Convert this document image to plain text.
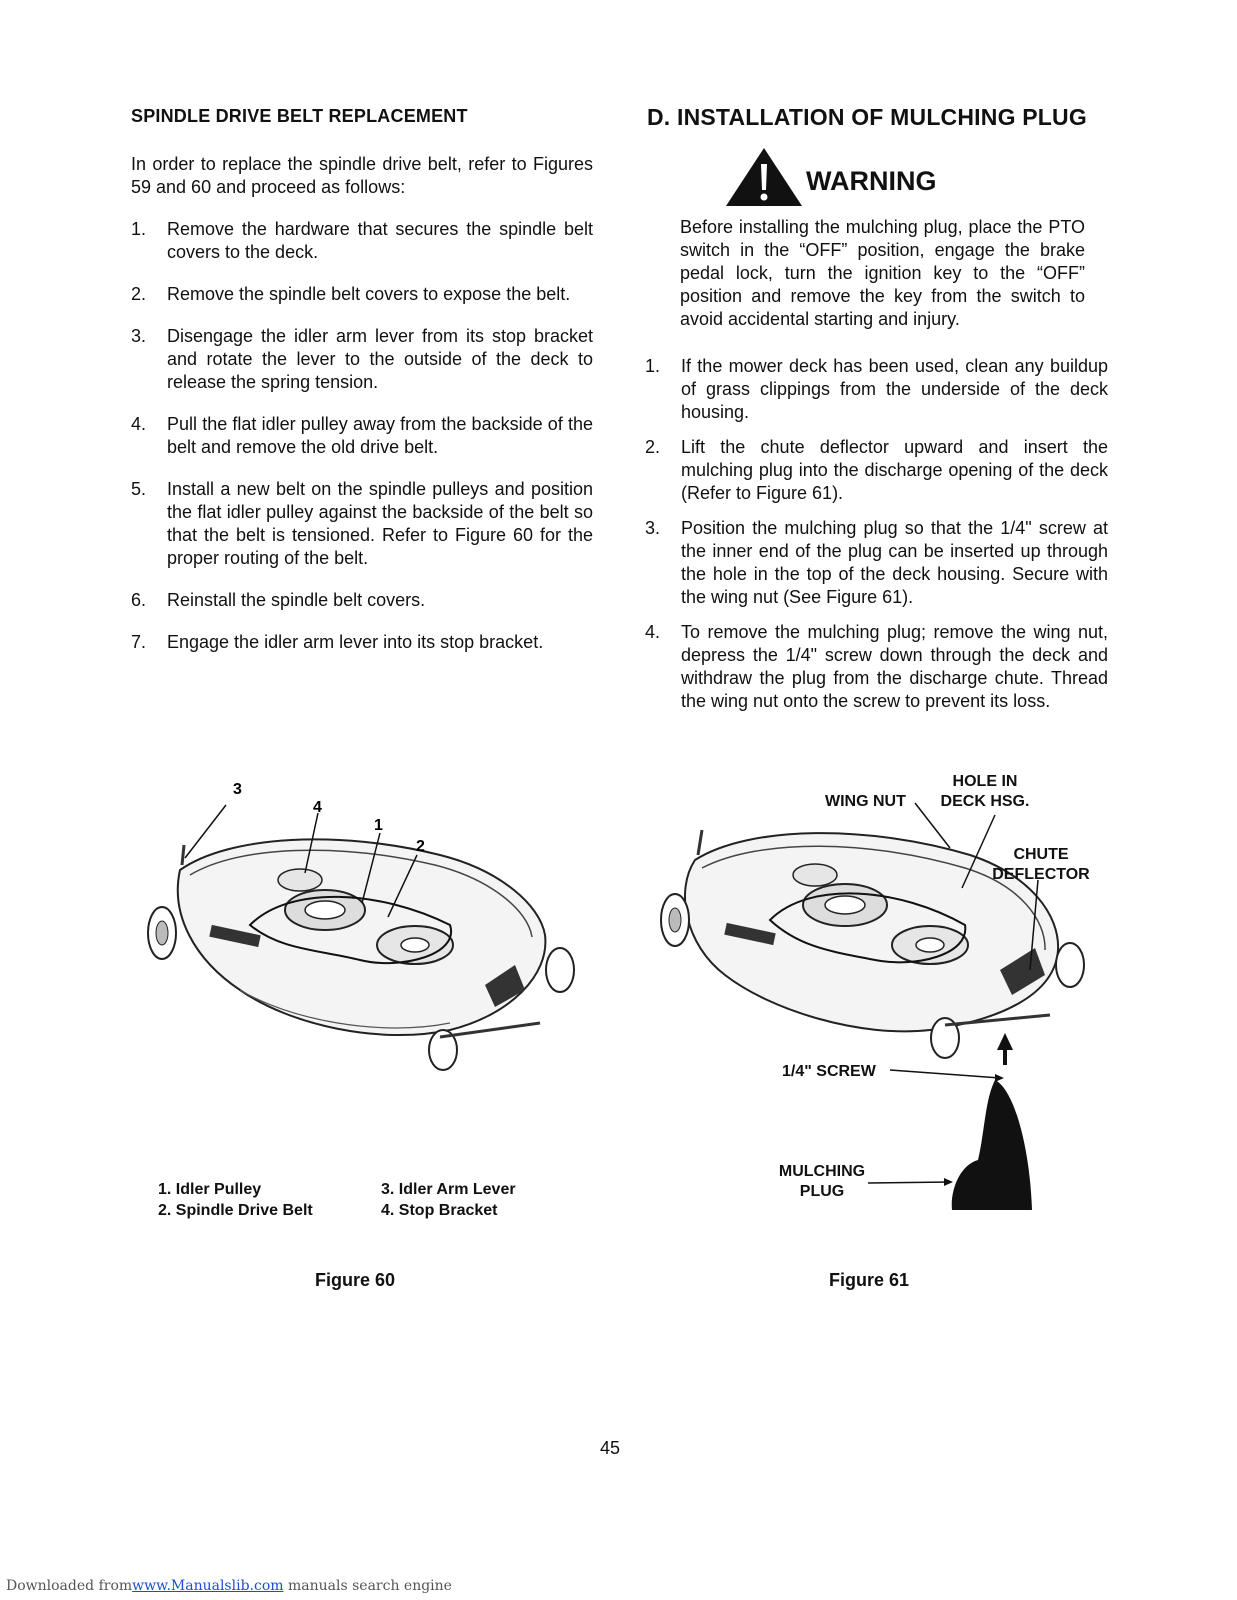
SPINDLE DRIVE BELT REPLACEMENT
In order to replace the spindle drive belt, refer to Figures 59 and 60 and proceed as follows:
1. Remove the hardware that secures the spindle belt covers to the deck.
2. Remove the spindle belt covers to expose the belt.
3. Disengage the idler arm lever from its stop bracket and rotate the lever to the outside of the deck to release the spring tension.
4. Pull the flat idler pulley away from the backside of the belt and remove the old drive belt.
5. Install a new belt on the spindle pulleys and position the flat idler pulley against the backside of the belt so that the belt is tensioned. Refer to Figure 60 for the proper routing of the belt.
6. Reinstall the spindle belt covers.
7. Engage the idler arm lever into its stop bracket.
D. INSTALLATION OF MULCHING PLUG
WARNING
Before installing the mulching plug, place the PTO switch in the “OFF” position, engage the brake pedal lock, turn the ignition key to the “OFF” position and remove the key from the switch to avoid accidental starting and injury.
1. If the mower deck has been used, clean any buildup of grass clippings from the underside of the deck housing.
2. Lift the chute deflector upward and insert the mulching plug into the discharge opening of the deck (Refer to Figure 61).
3. Position the mulching plug so that the 1/4" screw at the inner end of the plug can be inserted up through the hole in the top of the deck housing. Secure with the wing nut (See Figure 61).
4. To remove the mulching plug; remove the wing nut, depress the 1/4" screw down through the deck and withdraw the plug from the discharge chute. Thread the wing nut onto the screw to prevent its loss.
3
4
1
2
1. Idler Pulley
2. Spindle Drive Belt
3. Idler Arm Lever
4. Stop Bracket
Figure 60
HOLE IN
DECK HSG.
WING NUT
CHUTE
DEFLECTOR
1/4" SCREW
MULCHING
PLUG
Figure 61
45
Downloaded fromwww.Manualslib.com manuals search engine
